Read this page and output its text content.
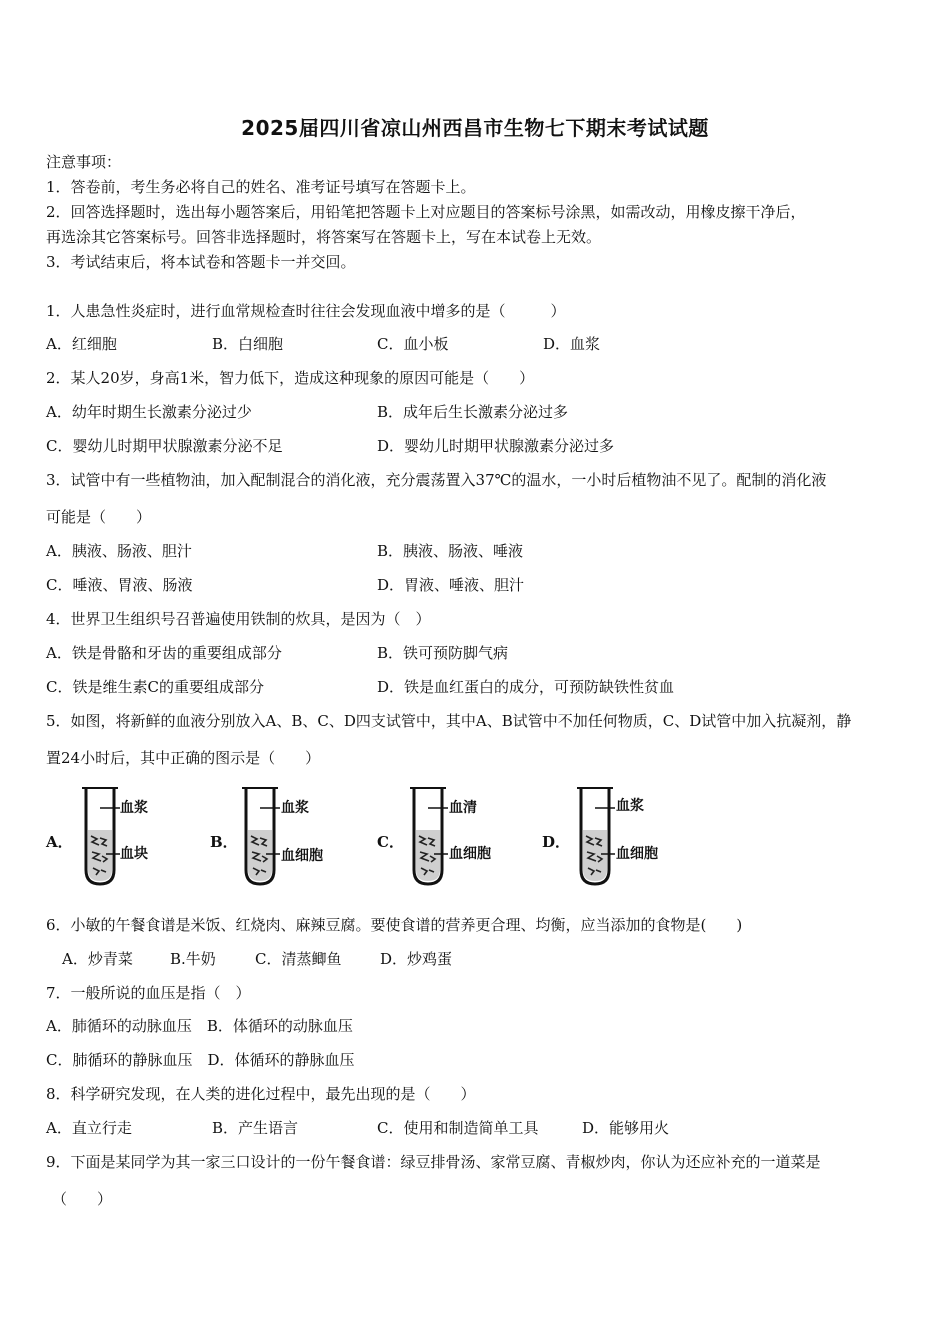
2025届四川省凉山州西昌市生物七下期末考试试题
注意事项：
1．答卷前，考生务必将自己的姓名、准考证号填写在答题卡上。
2．回答选择题时，选出每小题答案后，用铅笔把答题卡上对应题目的答案标号涂黑，如需改动，用橡皮擦干净后，
再选涂其它答案标号。回答非选择题时，将答案写在答题卡上，写在本试卷上无效。
3．考试结束后，将本试卷和答题卡一并交回。
1．人患急性炎症时，进行血常规检查时往往会发现血液中增多的是（　　　）
A．红细胞	B．白细胞	C．血小板	D．血浆
2．某人20岁，身高1米，智力低下，造成这种现象的原因可能是（　　）
A．幼年时期生长激素分泌过少	B．成年后生长激素分泌过多
C．婴幼儿时期甲状腺激素分泌不足	D．婴幼儿时期甲状腺激素分泌过多
3．试管中有一些植物油，加入配制混合的消化液，充分震荡置入37℃的温水，一小时后植物油不见了。配制的消化液
可能是（　　）
A．胰液、肠液、胆汁	B．胰液、肠液、唾液
C．唾液、胃液、肠液	D．胃液、唾液、胆汁
4．世界卫生组织号召普遍使用铁制的炊具，是因为（　）
A．铁是骨骼和牙齿的重要组成部分	B．铁可预防脚气病
C．铁是维生素C的重要组成部分	D．铁是血红蛋白的成分，可预防缺铁性贫血
5．如图，将新鲜的血液分别放入A、B、C、D四支试管中，其中A、B试管中不加任何物质，C、D试管中加入抗凝剂，静
置24小时后，其中正确的图示是（　　）
A．
血浆
血块
B．
血浆
血细胞
C．
血清
血细胞
D．
血浆
血细胞
6．小敏的午餐食谱是米饭、红烧肉、麻辣豆腐。要使食谱的营养更合理、均衡，应当添加的食物是(　　)
A．炒青菜 B.牛奶	C．清蒸鲫鱼	D．炒鸡蛋
7．一般所说的血压是指（　）
A．肺循环的动脉血压　B．体循环的动脉血压
C．肺循环的静脉血压　D．体循环的静脉血压
8．科学研究发现，在人类的进化过程中，最先出现的是（　　）
A．直立行走	B．产生语言	C．使用和制造简单工具	D．能够用火
9．下面是某同学为其一家三口设计的一份午餐食谱：绿豆排骨汤、家常豆腐、青椒炒肉，你认为还应补充的一道菜是
（　　）
